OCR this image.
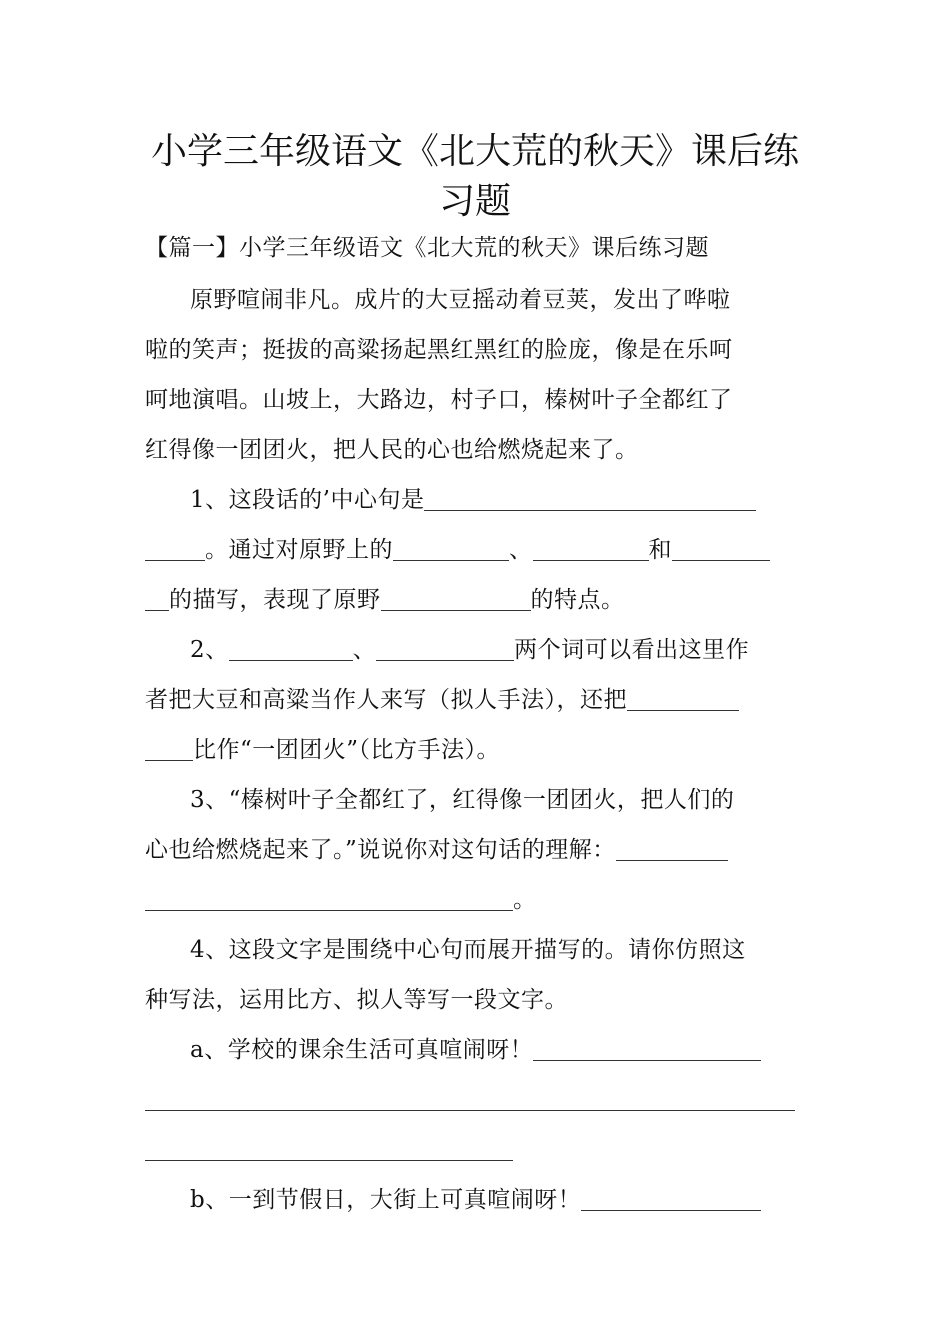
小学三年级语文《北大荒的秋天》课后练
习题
【篇一】小学三年级语文《北大荒的秋天》课后练习题
原野喧闹非凡。成片的大豆摇动着豆荚，发出了哗啦
啦的笑声；挺拔的高粱扬起黑红黑红的脸庞，像是在乐呵
呵地演唱。山坡上，大路边，村子口，榛树叶子全都红了
红得像一团团火，把人民的心也给燃烧起来了。
1、这段话的’中心句是
。通过对原野上的	、	和
的描写，表现了原野	的特点。
2、	、	两个词可以看出这里作
者把大豆和高粱当作人来写（拟人手法），还把
比作“一团团火”（比方手法）。
3、“榛树叶子全都红了，红得像一团团火，把人们的
心也给燃烧起来了。”说说你对这句话的理解：
。
4、这段文字是围绕中心句而展开描写的。请你仿照这
种写法，运用比方、拟人等写一段文字。
a、学校的课余生活可真喧闹呀！
b、一到节假日，大街上可真喧闹呀！
